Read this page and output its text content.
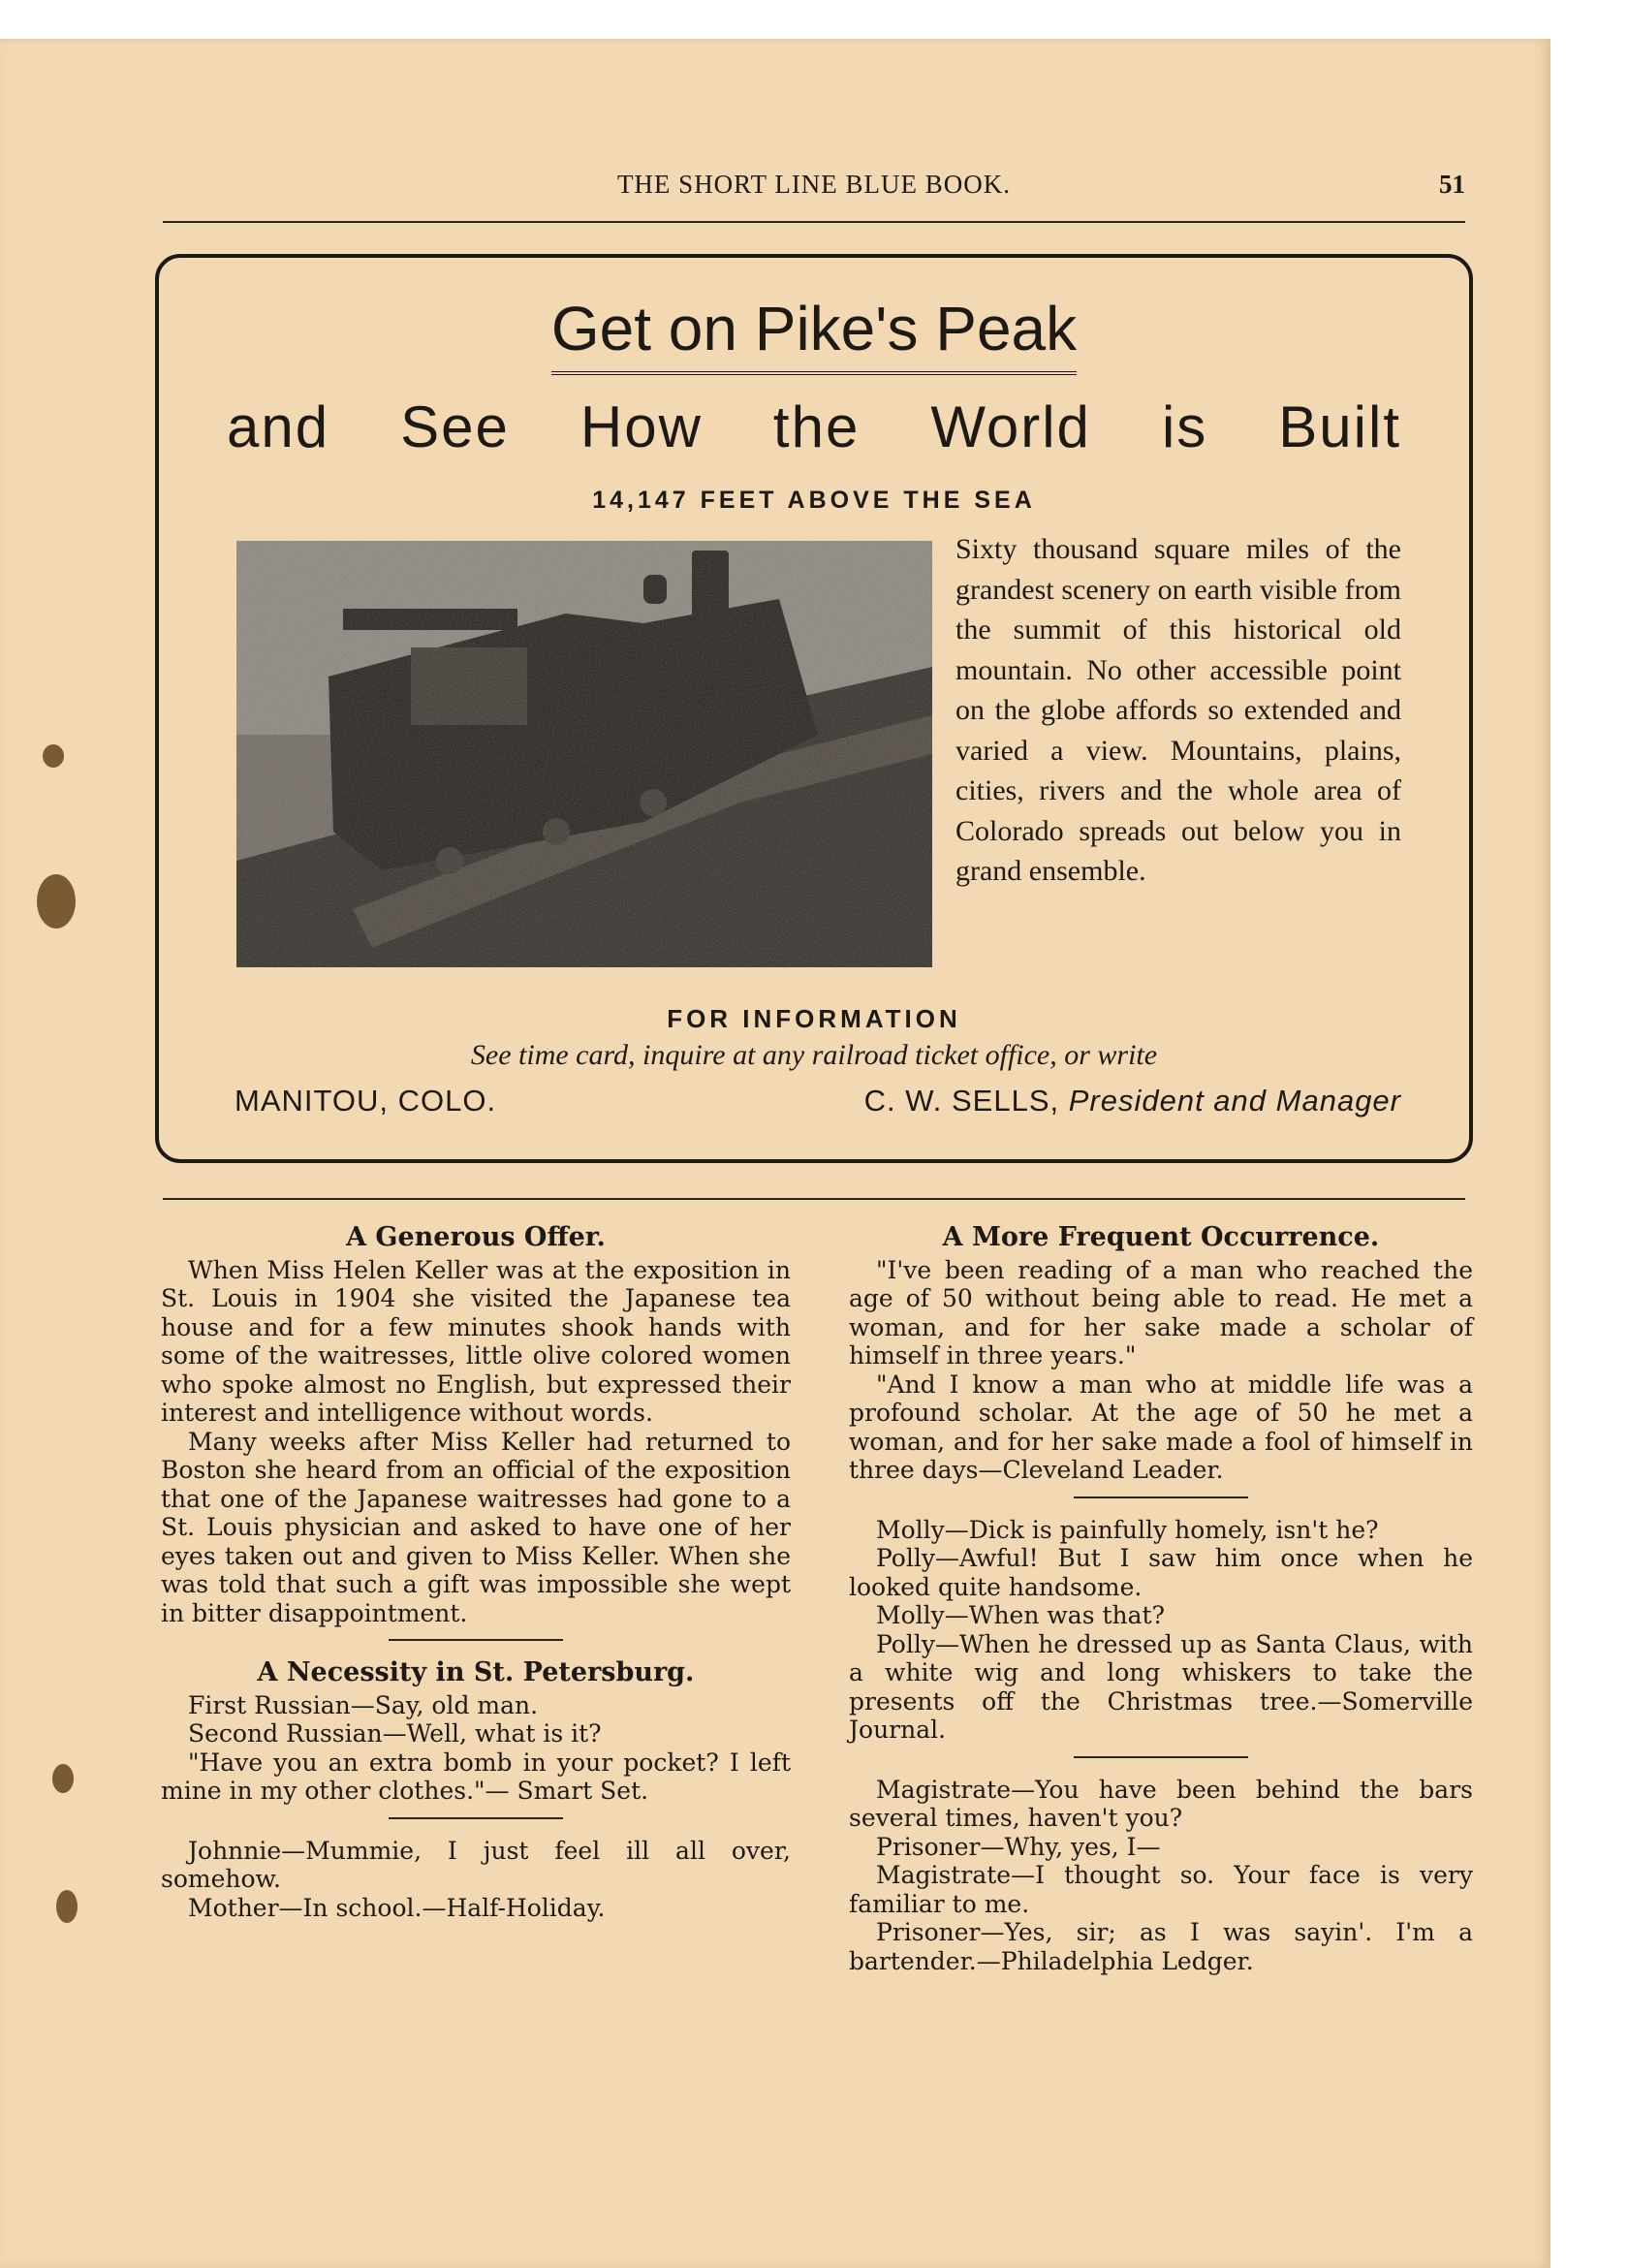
THE SHORT LINE BLUE BOOK.	51
Get on Pike's Peak
and See How the World is Built
14,147 FEET ABOVE THE SEA
Sixty thousand square miles of the grandest scenery on earth visible from the summit of this historical old mountain. No other accessible point on the globe affords so extended and varied a view. Mountains, plains, cities, rivers and the whole area of Colorado spreads out below you in grand ensemble.
FOR INFORMATION
See time card, inquire at any railroad ticket office, or write
MANITOU, COLO.	C. W. SELLS, President and Manager
A Generous Offer.

When Miss Helen Keller was at the exposition in St. Louis in 1904 she visited the Japanese tea house and for a few minutes shook hands with some of the waitresses, little olive colored women who spoke almost no English, but expressed their interest and intelligence without words.

Many weeks after Miss Keller had returned to Boston she heard from an official of the exposition that one of the Japanese waitresses had gone to a St. Louis physician and asked to have one of her eyes taken out and given to Miss Keller. When she was told that such a gift was impossible she wept in bitter disappointment.

A Necessity in St. Petersburg.

First Russian—Say, old man.

Second Russian—Well, what is it?

"Have you an extra bomb in your pocket? I left mine in my other clothes."— Smart Set.

Johnnie—Mummie, I just feel ill all over, somehow.

Mother—In school.—Half-Holiday.

A More Frequent Occurrence.

"I've been reading of a man who reached the age of 50 without being able to read. He met a woman, and for her sake made a scholar of himself in three years."

"And I know a man who at middle life was a profound scholar. At the age of 50 he met a woman, and for her sake made a fool of himself in three days—Cleveland Leader.

Molly—Dick is painfully homely, isn't he?

Polly—Awful! But I saw him once when he looked quite handsome.

Molly—When was that?

Polly—When he dressed up as Santa Claus, with a white wig and long whiskers to take the presents off the Christmas tree.—Somerville Journal.

Magistrate—You have been behind the bars several times, haven't you?

Prisoner—Why, yes, I—

Magistrate—I thought so. Your face is very familiar to me.

Prisoner—Yes, sir; as I was sayin'. I'm a bartender.—Philadelphia Ledger.
